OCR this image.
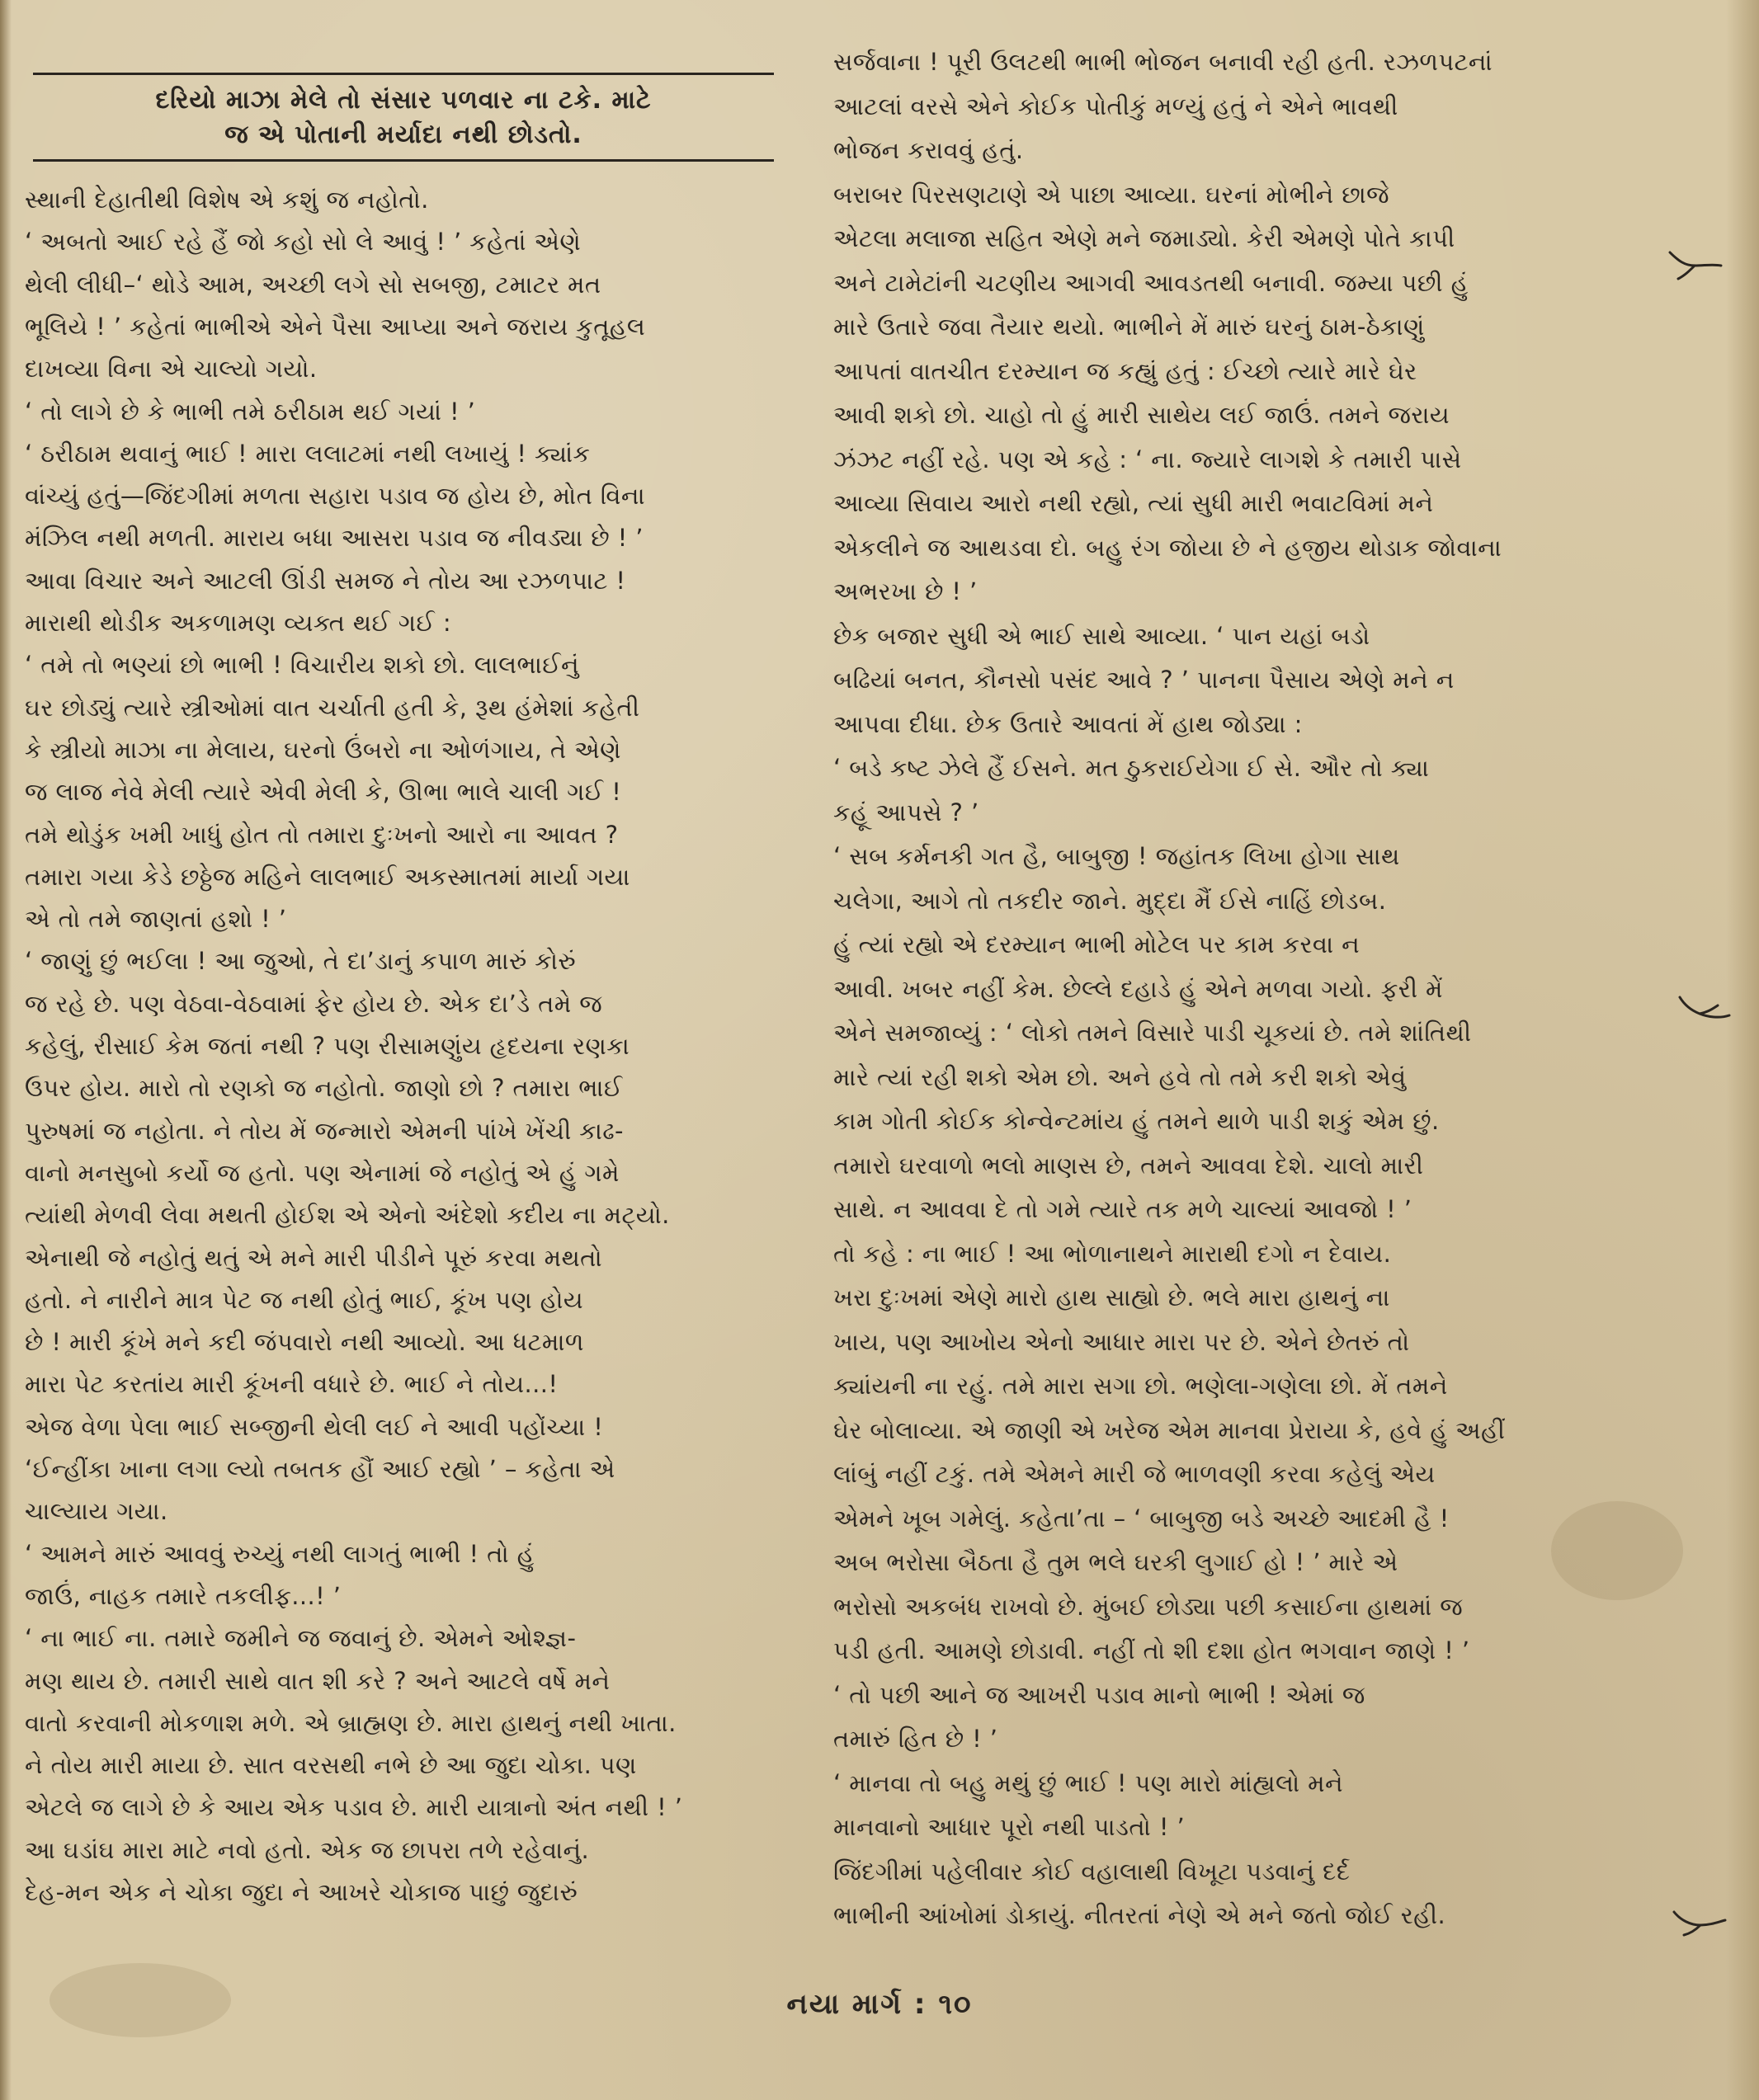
દરિયો માઝા મેલે તો સંસાર પળવાર ના ટકે. માટે

જ એ પોતાની મર્યાદા નથી છોડતો.

સ્થાની દેહાતીથી વિશેષ એ કશું જ નહોતો.
‘ અબતો આઈ રહે હૈં જો કહો સો લે આવું ! ’ કહેતાં એણે
થેલી લીધી–‘ થોડે આમ, અચ્છી લગે સો સબજી, ટમાટર મત
ભૂલિયે ! ’ કહેતાં ભાભીએ એને પૈસા આપ્યા અને જરાય કુતૂહલ
દાખવ્યા વિના એ ચાલ્યો ગયો.
‘ તો લાગે છે કે ભાભી તમે ઠરીઠામ થઈ ગયાં ! ’
‘ ઠરીઠામ થવાનું ભાઈ ! મારા લલાટમાં નથી લખાયું ! ક્યાંક
વાંચ્યું હતું—જિંદગીમાં મળતા સહારા પડાવ જ હોય છે, મોત વિના
મંઝિલ નથી મળતી. મારાય બધા આસરા પડાવ જ નીવડ્યા છે ! ’
આવા વિચાર અને આટલી ઊંડી સમજ ને તોય આ રઝળપાટ !
મારાથી થોડીક અકળામણ વ્યક્ત થઈ ગઈ :
‘ તમે તો ભણ્યાં છો ભાભી ! વિચારીય શકો છો. લાલભાઈનું
ઘર છોડ્યું ત્યારે સ્ત્રીઓમાં વાત ચર્ચાતી હતી કે, રૂથ હંમેશાં કહેતી
કે સ્ત્રીયો માઝા ના મેલાય, ઘરનો ઉંબરો ના ઓળંગાય, તે એણે
જ લાજ નેવે મેલી ત્યારે એવી મેલી કે, ઊભા ભાલે ચાલી ગઈ !
તમે થોડુંક ખમી ખાધું હોત તો તમારા દુઃખનો આરો ના આવત ?
તમારા ગયા કેડે છઠ્ઠેજ મહિને લાલભાઈ અકસ્માતમાં માર્યા ગયા
એ તો તમે જાણતાં હશો ! ’
‘ જાણું છું ભઈલા ! આ જુઓ, તે દા’ડાનું કપાળ મારું કોરું
જ રહે છે. પણ વેઠવા-વેઠવામાં ફેર હોય છે. એક દા’ડે તમે જ
કહેલું, રીસાઈ કેમ જતાં નથી ? પણ રીસામણુંય હૃદયના રણકા
ઉપર હોય. મારો તો રણકો જ નહોતો. જાણો છો ? તમારા ભાઈ
પુરુષમાં જ નહોતા. ને તોય મેં જન્મારો એમની પાંખે ખેંચી કાઢ-
વાનો મનસુબો કર્યો જ હતો. પણ એનામાં જે નહોતું એ હું ગમે
ત્યાંથી મેળવી લેવા મથતી હોઈશ એ એનો અંદેશો કદીય ના મટ્યો.
એનાથી જે નહોતું થતું એ મને મારી પીડીને પૂરું કરવા મથતો
હતો. ને નારીને માત્ર પેટ જ નથી હોતું ભાઈ, કૂંખ પણ હોય
છે ! મારી કૂંખે મને કદી જંપવારો નથી આવ્યો. આ ધટમાળ
મારા પેટ કરતાંય મારી કૂંખની વધારે છે. ભાઈ ને તોય...!
એજ વેળા પેલા ભાઈ સબ્જીની થેલી લઈ ને આવી પહોંચ્યા !
‘ઈન્હીંકા ખાના લગા લ્યો તબતક હૌં આઈ રહ્યો ’ – કહેતા એ
ચાલ્યાય ગયા.
‘ આમને મારું આવવું રુચ્યું નથી લાગતું ભાભી ! તો હું
જાઉં, નાહક તમારે તકલીફ...! ’
‘ ના ભાઈ ના. તમારે જમીને જ જવાનું છે. એમને ઓશ્જ્ઞ-
મણ થાય છે. તમારી સાથે વાત શી કરે ? અને આટલે વર્ષે મને
વાતો કરવાની મોકળાશ મળે. એ બ્રાહ્મણ છે. મારા હાથનું નથી ખાતા.
ને તોય મારી માયા છે. સાત વરસથી નભે છે આ જુદા ચોકા. પણ
એટલે જ લાગે છે કે આય એક પડાવ છે. મારી યાત્રાનો અંત નથી ! ’
આ ઘડાંઘ મારા માટે નવો હતો. એક જ છાપરા તળે રહેવાનું.
દેહ-મન એક ને ચોકા જુદા ને આખરે ચોકાજ પાછું જુદારું
સર્જવાના ! પૂરી ઉલટથી ભાભી ભોજન બનાવી રહી હતી. રઝળપટનાં
આટલાં વરસે એને કોઈક પોતીકું મળ્યું હતું ને એને ભાવથી
ભોજન કરાવવું હતું.
બરાબર પિરસણટાણે એ પાછા આવ્યા. ઘરનાં મોભીને છાજે
એટલા મલાજા સહિત એણે મને જમાડ્યો. કેરી એમણે પોતે કાપી
અને ટામેટાંની ચટણીય આગવી આવડતથી બનાવી. જમ્યા પછી હું
મારે ઉતારે જવા તૈયાર થયો. ભાભીને મેં મારું ઘરનું ઠામ-ઠેકાણું
આપતાં વાતચીત દરમ્યાન જ કહ્યું હતું : ઈચ્છો ત્યારે મારે ઘેર
આવી શકો છો. ચાહો તો હું મારી સાથેય લઈ જાઉં. તમને જરાય
ઝંઝટ નહીં રહે. પણ એ કહે : ‘ ના. જ્યારે લાગશે કે તમારી પાસે
આવ્યા સિવાય આરો નથી રહ્યો, ત્યાં સુધી મારી ભવાટવિમાં મને
એકલીને જ આથડવા દો. બહુ રંગ જોયા છે ને હજીય થોડાક જોવાના
અભરખા છે ! ’
છેક બજાર સુધી એ ભાઈ સાથે આવ્યા. ‘ પાન યહાં બડો
બઢિયાં બનત, કૌનસો પસંદ આવે ? ’ પાનના પૈસાય એણે મને ન
આપવા દીધા. છેક ઉતારે આવતાં મેં હાથ જોડ્યા :
‘ બડે કષ્ટ ઝેલે હૈં ઈસને. મત ઠુકરાઈયેગા ઈ સે. ઔર તો ક્યા
કહૂં આપસે ? ’
‘ સબ કર્મનકી ગત હૈ, બાબુજી ! જહાંતક લિખા હોગા સાથ
ચલેગા, આગે તો તકદીર જાને. મુદ્દા મૈં ઈસે નાહિં છોડબ.
હું ત્યાં રહ્યો એ દરમ્યાન ભાભી મોટેલ પર કામ કરવા ન
આવી. ખબર નહીં કેમ. છેલ્લે દહાડે હું એને મળવા ગયો. ફરી મેં
એને સમજાવ્યું : ‘ લોકો તમને વિસારે પાડી ચૂકયાં છે. તમે શાંતિથી
મારે ત્યાં રહી શકો એમ છો. અને હવે તો તમે કરી શકો એવું
કામ ગોતી કોઈક કોન્વેન્ટમાંય હું તમને થાળે પાડી શકું એમ છું.
તમારો ઘરવાળો ભલો માણસ છે, તમને આવવા દેશે. ચાલો મારી
સાથે. ન આવવા દે તો ગમે ત્યારે તક મળે ચાલ્યાં આવજો ! ’
તો કહે : ના ભાઈ ! આ ભોળાનાથને મારાથી દગો ન દેવાય.
ખરા દુઃખમાં એણે મારો હાથ સાહ્યો છે. ભલે મારા હાથનું ના
ખાય, પણ આખોય એનો આધાર મારા પર છે. એને છેતરું તો
ક્યાંયની ના રહું. તમે મારા સગા છો. ભણેલા-ગણેલા છો. મેં તમને
ઘેર બોલાવ્યા. એ જાણી એ ખરેજ એમ માનવા પ્રેરાયા કે, હવે હું અહીં
લાંબું નહીં ટકું. તમે એમને મારી જે ભાળવણી કરવા કહેલું એય
એમને ખૂબ ગમેલું. કહેતા’તા – ‘ બાબુજી બડે અચ્છે આદમી હૈ !
અબ ભરોસા બૈઠતા હૈ તુમ ભલે ઘરકી લુગાઈ હો ! ’ મારે એ
ભરોસો અકબંધ રાખવો છે. મુંબઈ છોડ્યા પછી કસાઈના હાથમાં જ
પડી હતી. આમણે છોડાવી. નહીં તો શી દશા હોત ભગવાન જાણે ! ’
‘ તો પછી આને જ આખરી પડાવ માનો ભાભી ! એમાં જ
તમારું હિત છે ! ’
‘ માનવા તો બહુ મથું છું ભાઈ ! પણ મારો માંહ્યલો મને
માનવાનો આધાર પૂરો નથી પાડતો ! ’
જિંદગીમાં પહેલીવાર કોઈ વહાલાથી વિખૂટા પડવાનું દર્દ
ભાભીની આંખોમાં ડોકાયું. નીતરતાં નેણે એ મને જતો જોઈ રહી.
નયા માર્ગ : ૧૦
